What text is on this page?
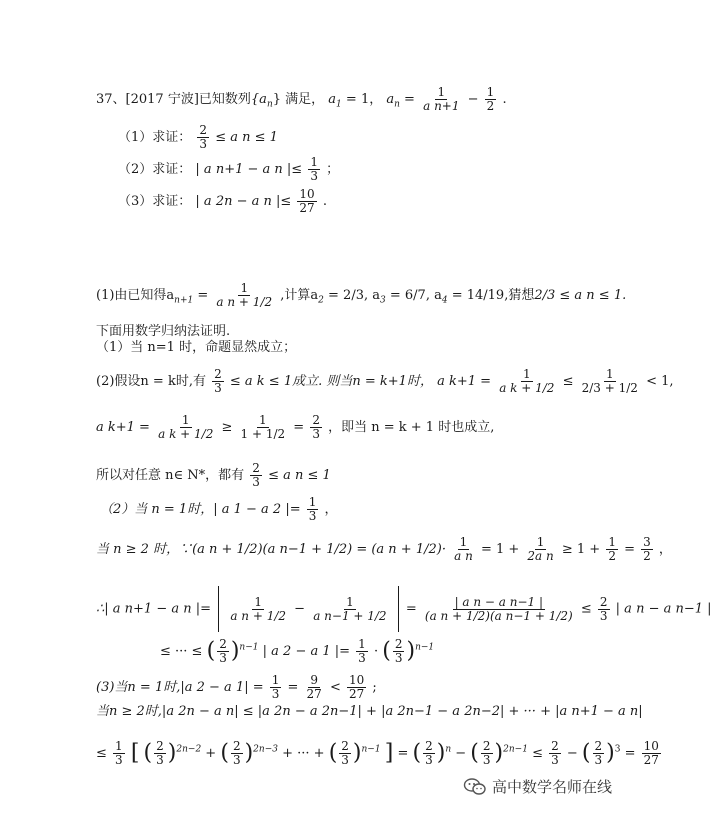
37、[2017 宁波]已知数列$\{a_n\}$ 满足， $a_1 = 1$， $a_n = \frac{1}{\text{a n+1}} - \frac{1}{2}$ .
（1）求证： $\frac{2}{3} \le a$ n ≤ 1
（2）求证： | a n+1 − a n |≤ $\frac{1}{3}$ ；
（3）求证： | a 2n − a n |≤ $\frac{10}{27}$ .
(1)由已知得$a_{n+1} = \frac{1}{\text{a n + 1/2}}$ ,计算$a_2 = 2/3$, $a_3 = 6/7$, $a_4 = 14/19$,猜想2/3 ≤ a n ≤ 1.
下面用数学归纳法证明.
（1）当 n=1 时，命题显然成立；
(2)假设n = k时,有 $\frac{2}{3} \le a$ k ≤ 1成立. 则当n = k+1时， a $k+1 = \frac{1}{\text{a k + 1/2}} \le \frac{1}{2/3 + 1/2} < 1$,
a $k+1 = \frac{1}{\text{a k + 1/2}} \ge \frac{1}{1 + 1/2} = \frac{2}{3}$ ，即当 n = k + 1 时也成立,
所以对任意 n∈ N*，都有 $\frac{2}{3} \le a$ n ≤ 1
（2）当 n = 1时，| a 1 − a 2 |= $\frac{1}{3}$ ，
当 n ≥ 2 时，∵(a n + 1/2)(a n−1 + 1/2) = (a $n + 1/2)\cdot \frac{1}{\text{a n}} = 1 + \frac{1}{\text{2a n}} \ge 1 + \frac{1}{2} = \frac{3}{2}$ ，
∴| a n+1 − a n |= $\frac{1}{\text{a n + 1/2}} - \frac{1}{\text{a n−1 + 1/2}} = \frac{\text{| a n − a n−1 |}}{\text{(a n + 1/2)(a n−1 + 1/2)}} \le \frac{2}{3}$ | a n − a n−1 |
≤ ··· ≤ ( $\frac{2}{3} )^{n-1}$ | a 2 − a 1 |= $\frac{1}{3}$ · ( $\frac{2}{3} )^{n-1}$
(3)当n = 1时,|a 2 − a $1| = \frac{1}{3} = \frac{9}{27} < \frac{10}{27}$ ;
当n ≥ 2时,|a 2n − a n| ≤ |a 2n − a 2n−1| + |a 2n−1 − a 2n−2| + ··· + |a n+1 − a n|
≤ $\frac{1}{3}$ [ ( $\frac{2}{3} )^{2n-2}$ + ( $\frac{2}{3} )^{2n-3}$ + ··· + ( $\frac{2}{3} )^{n-1}$ ] = ( $\frac{2}{3} )^n$ − ( $\frac{2}{3} )^{2n-1} \le \frac{2}{3}$ − ( $\frac{2}{3} )^3 = \frac{10}{27}$
高中数学名师在线
